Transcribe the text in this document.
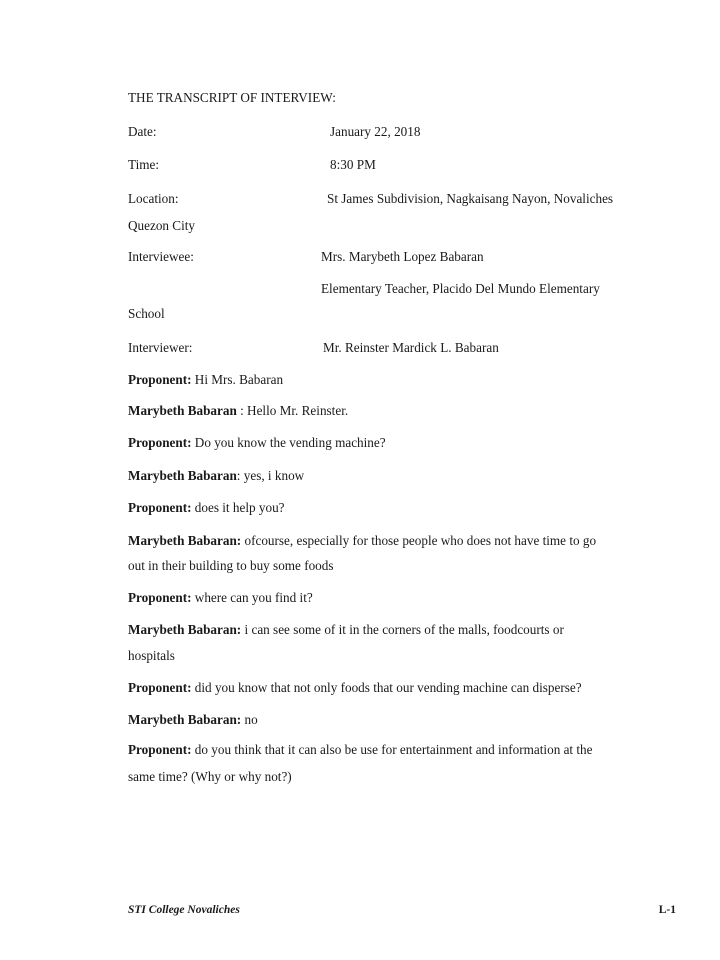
THE TRANSCRIPT OF INTERVIEW:
Date:	January 22, 2018
Time:	8:30 PM
Location:	St James Subdivision, Nagkaisang Nayon, Novaliches
Quezon City
Interviewee:	Mrs. Marybeth Lopez Babaran
Elementary Teacher, Placido Del Mundo Elementary
School
Interviewer:	Mr. Reinster Mardick L. Babaran
Proponent: Hi Mrs. Babaran
Marybeth Babaran : Hello Mr. Reinster.
Proponent: Do you know the vending machine?
Marybeth Babaran: yes, i know
Proponent: does it help you?
Marybeth Babaran: ofcourse, especially for those people who does not have time to go
out in their building to buy some foods
Proponent: where can you find it?
Marybeth Babaran: i can see some of it in the corners of the malls, foodcourts or
hospitals
Proponent: did you know that not only foods that our vending machine can disperse?
Marybeth Babaran: no
Proponent: do you think that it can also be use for entertainment and information at the
same time? (Why or why not?)
STI College Novaliches	L-1
